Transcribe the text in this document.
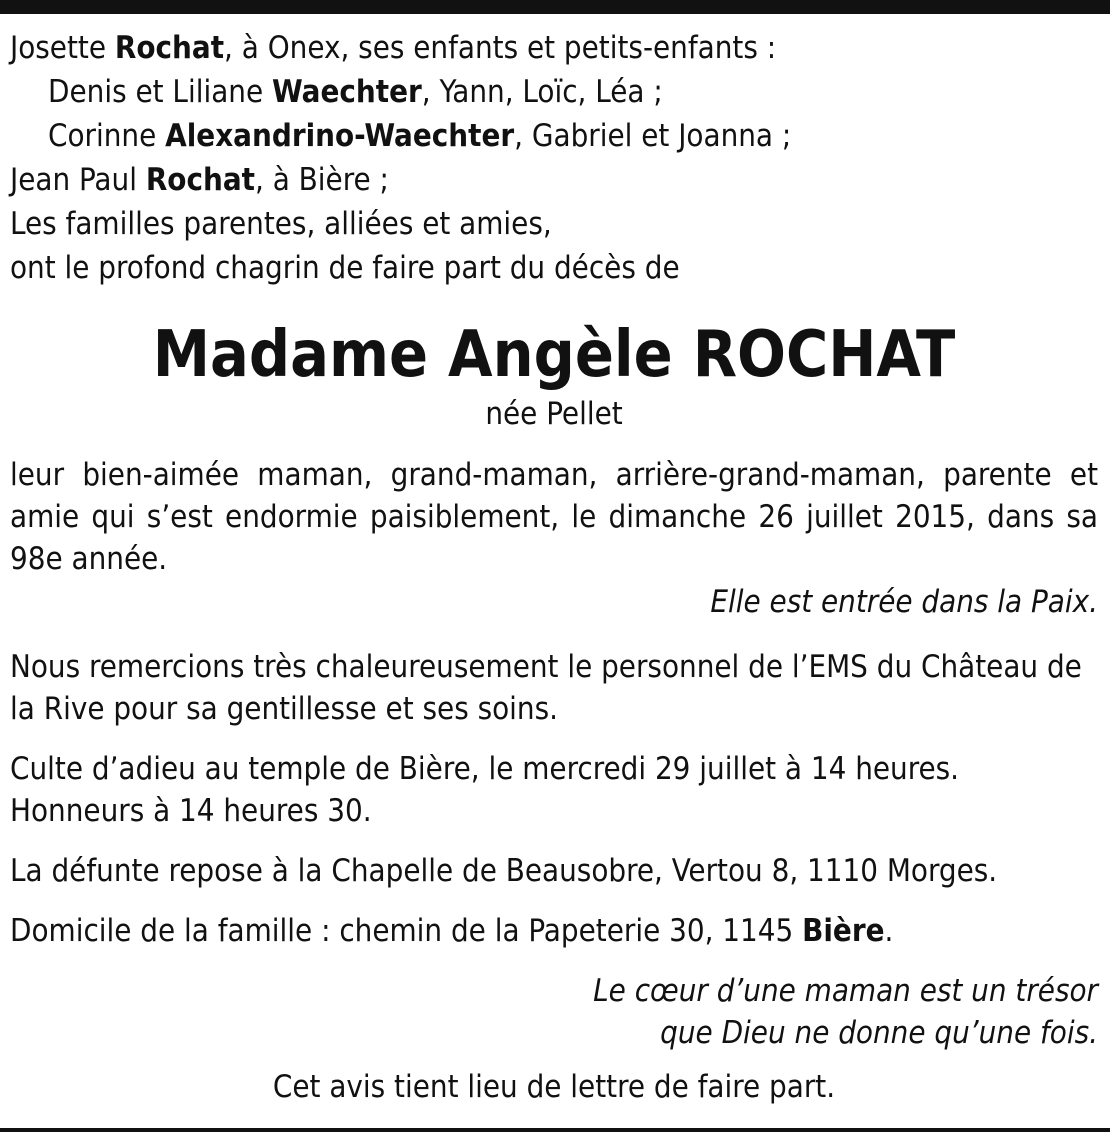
Josette Rochat, à Onex, ses enfants et petits-enfants :
Denis et Liliane Waechter, Yann, Loïc, Léa ;
Corinne Alexandrino-Waechter, Gabriel et Joanna ;
Jean Paul Rochat, à Bière ;
Les familles parentes, alliées et amies,
ont le profond chagrin de faire part du décès de
Madame Angèle ROCHAT
née Pellet
leur bien-aimée maman, grand-maman, arrière-grand-maman, parente et amie qui s’est endormie paisiblement, le dimanche 26 juillet 2015, dans sa 98e année.
Elle est entrée dans la Paix.
Nous remercions très chaleureusement le personnel de l’EMS du Château de la Rive pour sa gentillesse et ses soins.
Culte d’adieu au temple de Bière, le mercredi 29 juillet à 14 heures.
Honneurs à 14 heures 30.
La défunte repose à la Chapelle de Beausobre, Vertou 8, 1110 Morges.
Domicile de la famille : chemin de la Papeterie 30, 1145 Bière.
Le cœur d’une maman est un trésor
que Dieu ne donne qu’une fois.
Cet avis tient lieu de lettre de faire part.
